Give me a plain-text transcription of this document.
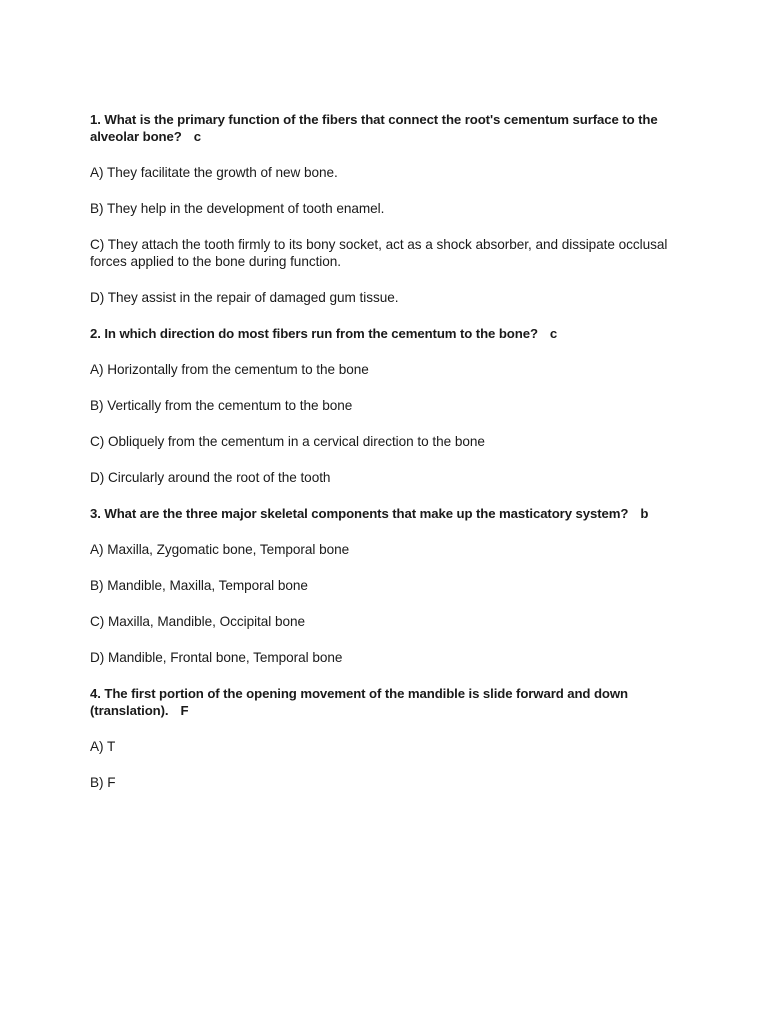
1. What is the primary function of the fibers that connect the root's cementum surface to the alveolar bone? c
A) They facilitate the growth of new bone.
B) They help in the development of tooth enamel.
C) They attach the tooth firmly to its bony socket, act as a shock absorber, and dissipate occlusal forces applied to the bone during function.
D) They assist in the repair of damaged gum tissue.
2. In which direction do most fibers run from the cementum to the bone? c
A) Horizontally from the cementum to the bone
B) Vertically from the cementum to the bone
C) Obliquely from the cementum in a cervical direction to the bone
D) Circularly around the root of the tooth
3. What are the three major skeletal components that make up the masticatory system? b
A) Maxilla, Zygomatic bone, Temporal bone
B) Mandible, Maxilla, Temporal bone
C) Maxilla, Mandible, Occipital bone
D) Mandible, Frontal bone, Temporal bone
4. The first portion of the opening movement of the mandible is slide forward and down (translation). F
A) T
B) F
